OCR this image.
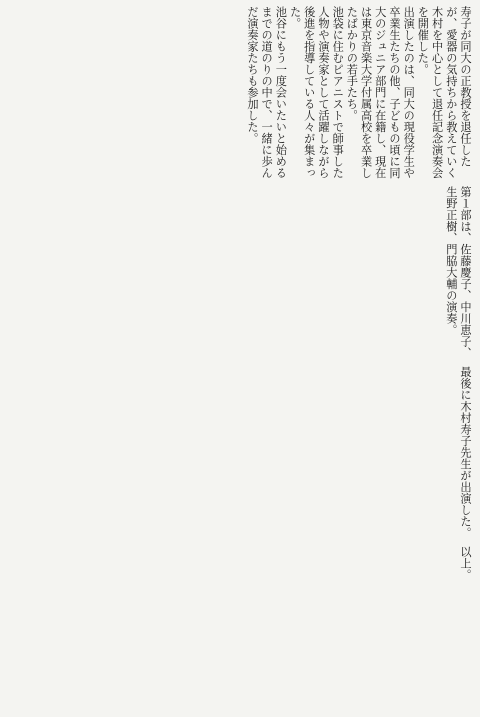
寿子が同大の正教授を退任したが、愛器の気持ちから教えていく木村を中心として退任記念演奏会を開催した。
出演したのは、同大の現役学生や卒業生たちの他、子どもの頃に同大のジュニア部門に在籍し、現在は東京音楽大学付属高校を卒業したばかりの若手たち。
池袋に住むピアニストで師事した人物や演奏家として活躍しながら後進を指導している人々が集まった。
池谷にもう一度会いたいと始めるまでの道のりの中で、一緒に歩んだ演奏家たちも参加した。
第１部は、佐藤慶子、中川恵子、生野正樹、門脇大輔の演奏。
最後に木村寿子先生が出演した。
以上。
